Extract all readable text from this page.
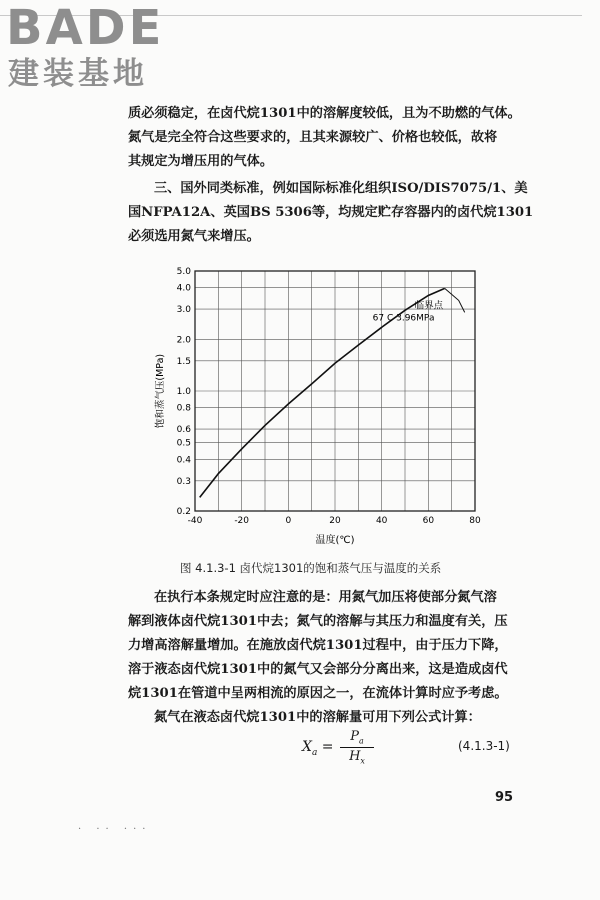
BADE
建装基地
质必须稳定，在卤代烷1301中的溶解度较低，且为不助燃的气体。
氮气是完全符合这些要求的，且其来源较广、价格也较低，故将
其规定为增压用的气体。
三、国外同类标准，例如国际标准化组织ISO/DIS7075/1、美
国NFPA12A、英国BS 5306等，均规定贮存容器内的卤代烷1301
必须选用氮气来增压。
-40	-20	0	20	40	60	80
0.2
0.3
0.4
0.5
0.6
0.8
1.0
1.5
2.0
3.0
4.0
5.0
温度(℃)
饱和蒸气压(MPa)
临界点
67 C 3.96MPa
图 4.1.3-1 卤代烷1301的饱和蒸气压与温度的关系
在执行本条规定时应注意的是：用氮气加压将使部分氮气溶
解到液体卤代烷1301中去；氮气的溶解与其压力和温度有关，压
力增高溶解量增加。在施放卤代烷1301过程中，由于压力下降，
溶于液态卤代烷1301中的氮气又会部分分离出来，这是造成卤代
烷1301在管道中呈两相流的原因之一，在流体计算时应予考虑。
氮气在液态卤代烷1301中的溶解量可用下列公式计算：
$X_a$ =
$P_a$
$H_x$
(4.1.3-1)
95
· ·· ···
